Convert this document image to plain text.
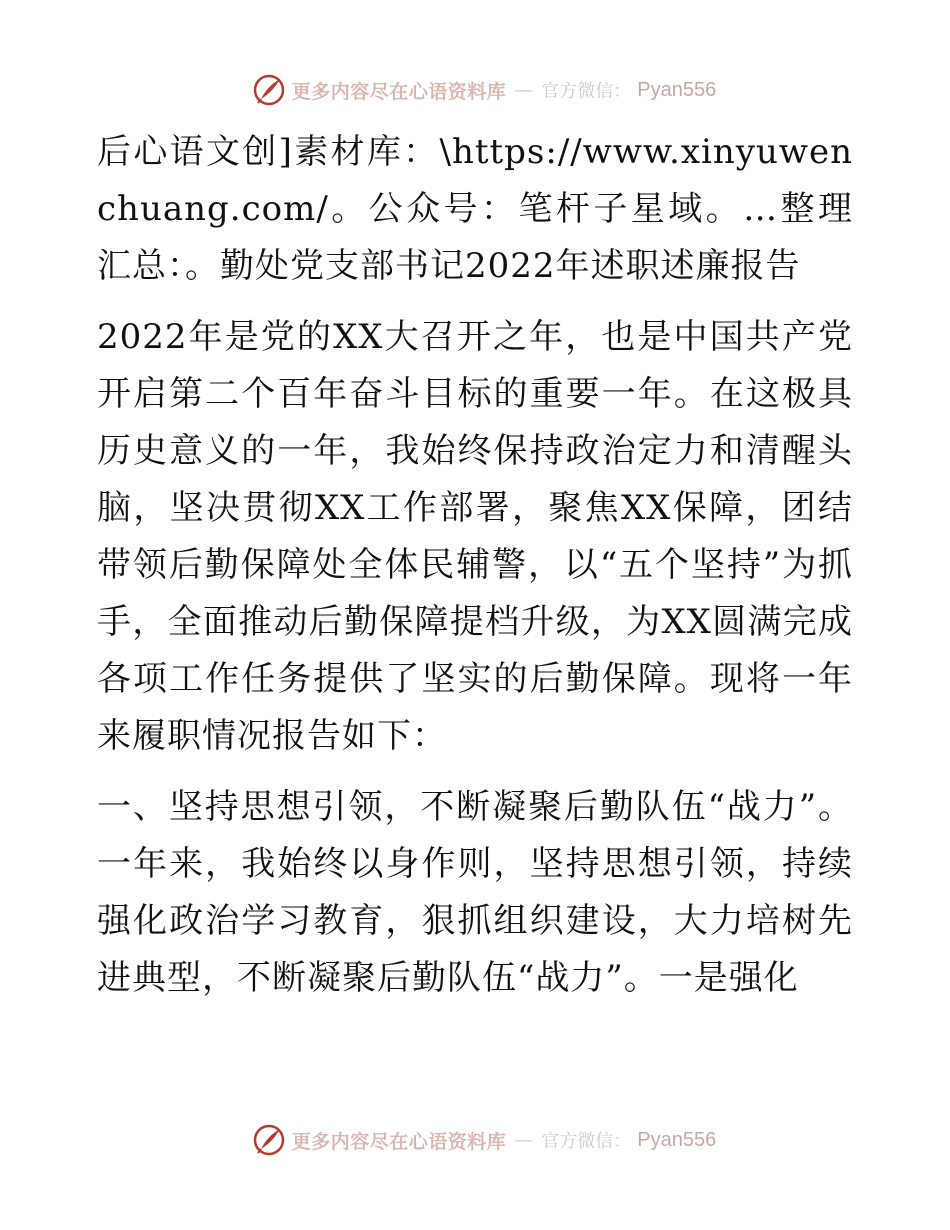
更多内容尽在心语资料库 — 官方微信： Pyan556

后心语文创]素材库：\https://www.xinyuwenchuang.com/。公众号：笔杆子星域。…整理汇总：。勤处党支部书记2022年述职述廉报告

2022年是党的XX大召开之年，也是中国共产党开启第二个百年奋斗目标的重要一年。在这极具历史意义的一年，我始终保持政治定力和清醒头脑，坚决贯彻XX工作部署，聚焦XX保障，团结带领后勤保障处全体民辅警，以“五个坚持”为抓手，全面推动后勤保障提档升级，为XX圆满完成各项工作任务提供了坚实的后勤保障。现将一年来履职情况报告如下：

一、坚持思想引领，不断凝聚后勤队伍“战力”。一年来，我始终以身作则，坚持思想引领，持续强化政治学习教育，狠抓组织建设，大力培树先进典型，不断凝聚后勤队伍“战力”。一是强化

更多内容尽在心语资料库 — 官方微信： Pyan556
